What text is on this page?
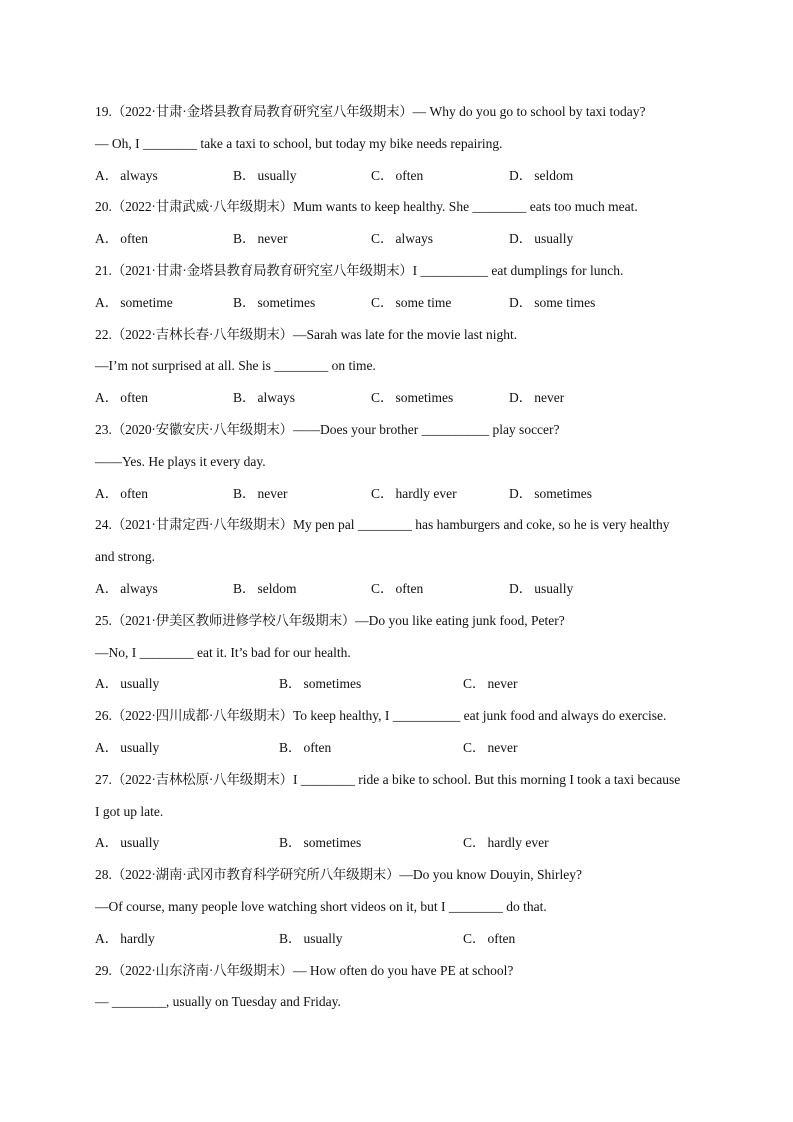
19.（2022·甘肃·金塔县教育局教育研究室八年级期末）— Why do you go to school by taxi today?
— Oh, I ________ take a taxi to school, but today my bike needs repairing.
A． always	B． usually	C． often	D． seldom
20.（2022·甘肃武威·八年级期末）Mum wants to keep healthy. She ________ eats too much meat.
A． often	B． never	C． always	D． usually
21.（2021·甘肃·金塔县教育局教育研究室八年级期末）I __________ eat dumplings for lunch.
A． sometime	B． sometimes	C． some time	D． some times
22.（2022·吉林长春·八年级期末）—Sarah was late for the movie last night.
—I’m not surprised at all. She is ________ on time.
A． often	B． always	C． sometimes	D． never
23.（2020·安徽安庆·八年级期末）——Does your brother __________ play soccer?
——Yes. He plays it every day.
A． often	B． never	C． hardly ever	D． sometimes
24.（2021·甘肃定西·八年级期末）My pen pal ________ has hamburgers and coke, so he is very healthy
and strong.
A． always	B． seldom	C． often	D． usually
25.（2021·伊美区教师进修学校八年级期末）—Do you like eating junk food, Peter?
—No, I ________ eat it. It’s bad for our health.
A． usually	B． sometimes	C． never
26.（2022·四川成都·八年级期末）To keep healthy, I __________ eat junk food and always do exercise.
A． usually	B． often	C． never
27.（2022·吉林松原·八年级期末）I ________ ride a bike to school. But this morning I took a taxi because
I got up late.
A． usually	B． sometimes	C． hardly ever
28.（2022·湖南·武冈市教育科学研究所八年级期末）—Do you know Douyin, Shirley?
—Of course, many people love watching short videos on it, but I ________ do that.
A． hardly	B． usually	C． often
29.（2022·山东济南·八年级期末）— How often do you have PE at school?
— ________, usually on Tuesday and Friday.
